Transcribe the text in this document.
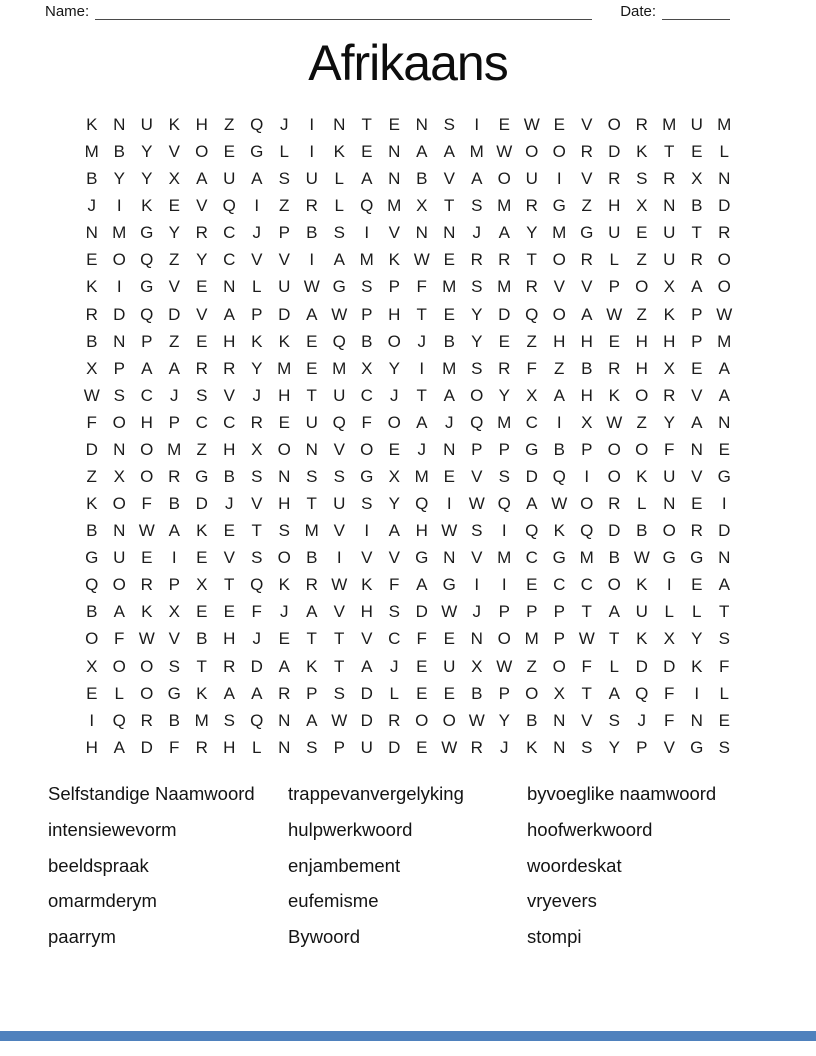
Name:	Date:
Afrikaans
K N U K H Z Q J	I	N T E N S	I	E W E V O R M U M
M B Y V O E G L	I	K E N A A M W O O R D K T E	L
B Y Y X A U A S U L	A N B V A O U	I	V R S R X N
J	I	K E V Q	I	Z R L Q M X T S M R G Z H X N B D
N M G Y R C	J	P B S	I	V N N	J	A Y M G U E U T R
E O Q Z Y C V V	I	A M K W E R R T O R L	Z U R O
K	I	G V E N L U W G S P F M S M R V V P O X A O
R D Q D V A P D A W P H T E Y D Q O A W Z K P W
B N P Z E H K K E Q B O J	B Y E Z H H E H H P M
X P A A R R Y M E M X Y	I	M S R F	Z B R H X E A
W S C	J	S V	J	H T U C	J	T A O Y X A H K O R V A
F O H P C C R E U Q F O A	J Q M C	I	X W Z Y A N
D N O M Z H X O N V O E	J	N P P G B P O O F N E
Z X O R G B S N S S G X M E V S D Q	I	O K U V G
K O F B D	J	V H T U S Y Q	I	W Q A W O R L N E	I
B N W A K E T S M V	I	A H W S	I	Q K Q D B O R D
G U E	I	E V S O B	I	V V G N V M C G M B W G G N
Q O R P X T Q K R W K F A G	I	I	E C C O K	I	E A
B A K X E E F	J	A V H S D W J	P P P T A U L	L	T
O F W V B H	J	E T	T V C F E N O M P W T K X Y S
X O O S T R D A K T A	J	E U X W Z O F	L D D K F
E	L O G K A A R P S D L	E E B P O X T A Q F	I	L
I	Q R B M S Q N A W D R O O W Y B N V S	J	F N E
H A D F R H L N S P U D E W R	J	K N S Y P V G S
Selfstandige Naamwoord
intensiewevorm
beeldspraak
omarmderym
paarrym
trappevanvergelyking
hulpwerkwoord
enjambement
eufemisme
Bywoord
byvoeglike naamwoord
hoofwerkwoord
woordeskat
vryevers
stompi
